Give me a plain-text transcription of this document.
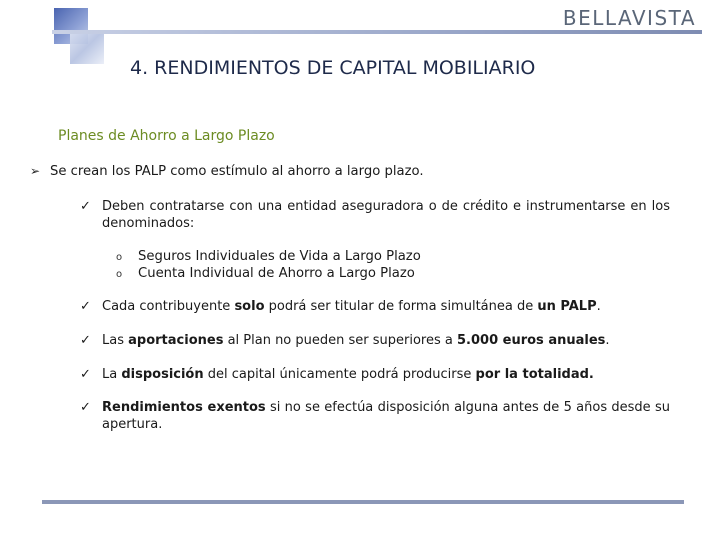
BELLAVISTA
4. RENDIMIENTOS DE CAPITAL MOBILIARIO
Planes de Ahorro a Largo Plazo
➢ Se crean los PALP como estímulo al ahorro a largo plazo.
✓ Deben contratarse con una entidad aseguradora o de crédito e instrumentarse en los denominados:
o Seguros Individuales de Vida a Largo Plazo
o Cuenta Individual de Ahorro a Largo Plazo
✓ Cada contribuyente solo podrá ser titular de forma simultánea de un PALP.
✓ Las aportaciones al Plan no pueden ser superiores a 5.000 euros anuales.
✓ La disposición del capital únicamente podrá producirse por la totalidad.
✓ Rendimientos exentos si no se efectúa disposición alguna antes de 5 años desde su apertura.
